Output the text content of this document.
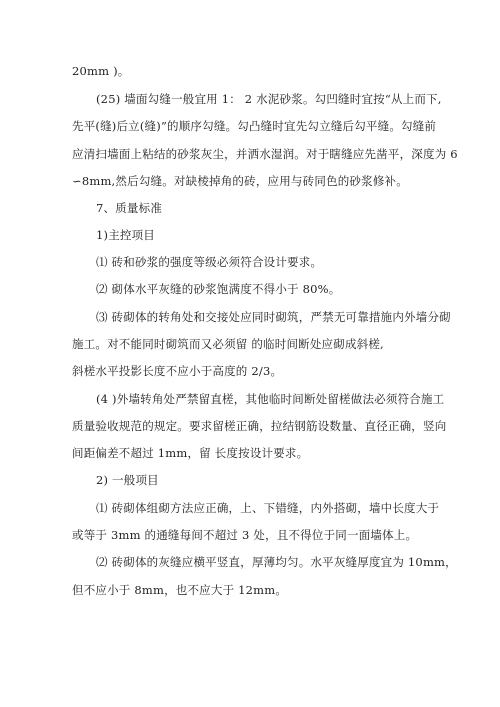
20mm )。
(25) 墙面勾缝一般宜用 1： 2 水泥砂浆。勾凹缝时宜按“从上而下,
先平(缝)后立(缝)”的顺序勾缝。勾凸缝时宜先勾立缝后勾平缝。勾缝前
应清扫墙面上粘结的砂浆灰尘，并洒水湿润。对于瞎缝应先凿平，深度为 6
∽8mm,然后勾缝。对缺棱掉角的砖，应用与砖同色的砂浆修补。
7、质量标准
1)主控项目
⑴ 砖和砂浆的强度等级必须符合设计要求。
⑵ 砌体水平灰缝的砂浆饱满度不得小于 80%。
⑶ 砖砌体的转角处和交接处应同时砌筑，严禁无可靠措施内外墙分砌
施工。对不能同时砌筑而又必须留 的临时间断处应砌成斜槎,
斜槎水平投影长度不应小于高度的 2/3。
(4 )外墙转角处严禁留直槎，其他临时间断处留槎做法必须符合施工
质量验收规范的规定。要求留槎正确，拉结钢筋设数量、直径正确，竖向
间距偏差不超过 1mm，留 长度按设计要求。
2) 一般项目
⑴ 砖砌体组砌方法应正确，上、下错缝，内外搭砌，墙中长度大于
或等于 3mm 的通缝每间不超过 3 处，且不得位于同一面墙体上。
⑵ 砖砌体的灰缝应横平竖直，厚薄均匀。水平灰缝厚度宜为 10mm，
但不应小于 8mm，也不应大于 12mm。
